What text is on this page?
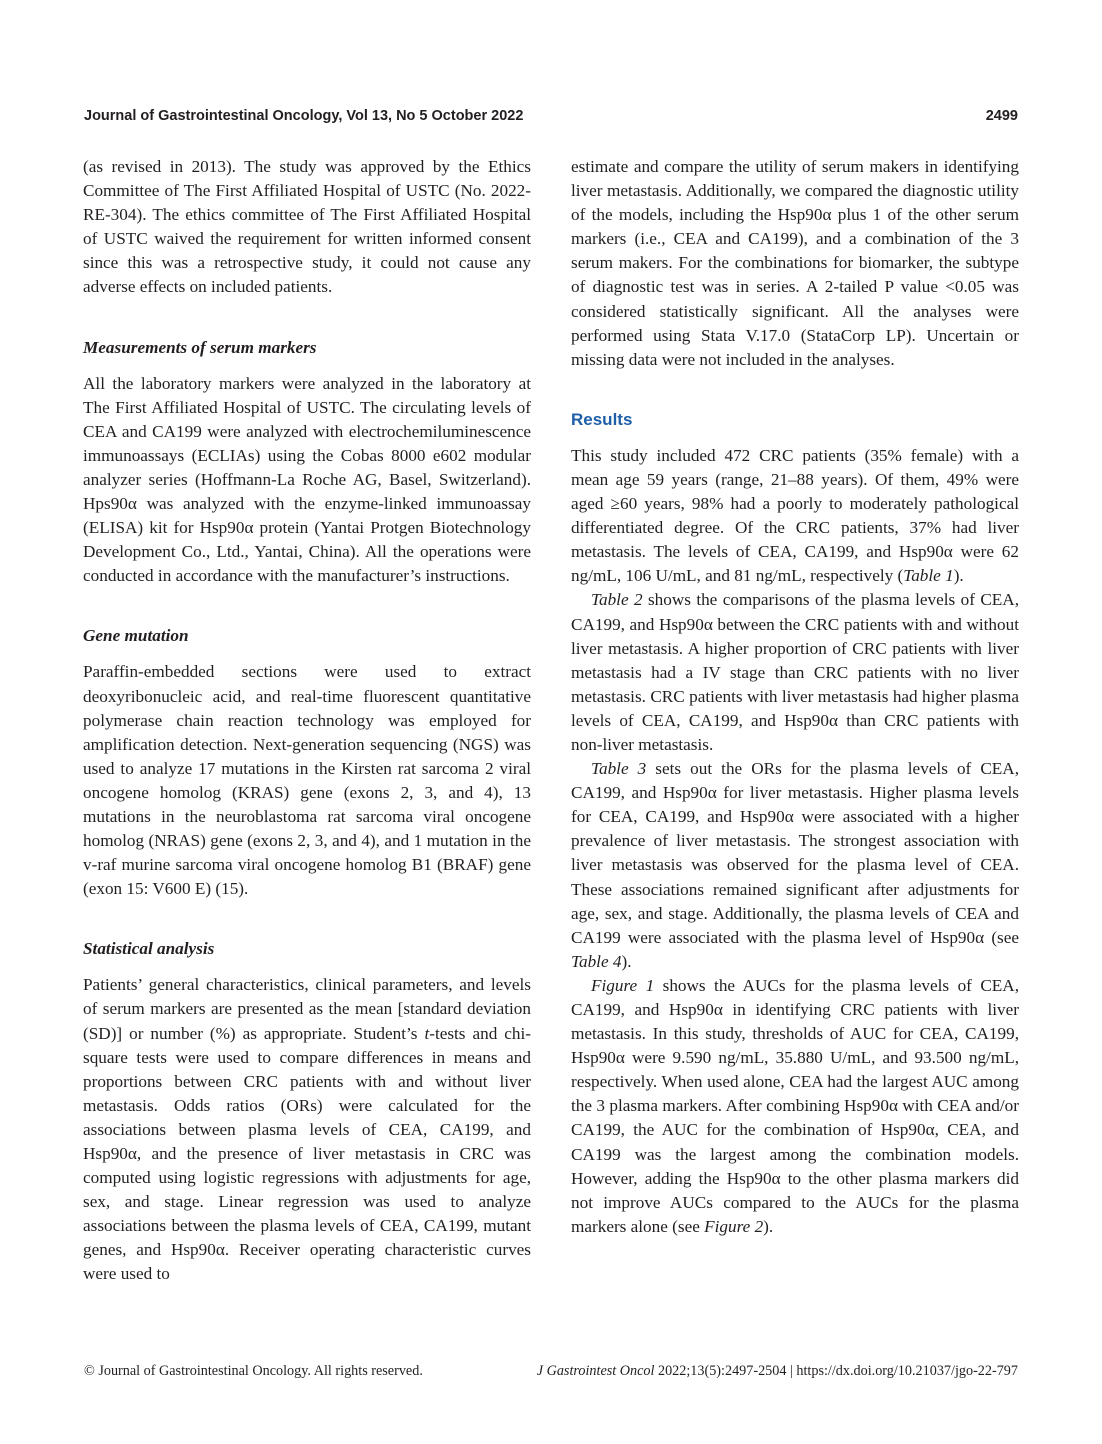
Journal of Gastrointestinal Oncology, Vol 13, No 5 October 2022	2499

(as revised in 2013). The study was approved by the Ethics Committee of The First Affiliated Hospital of USTC (No. 2022-RE-304). The ethics committee of The First Affiliated Hospital of USTC waived the requirement for written informed consent since this was a retrospective study, it could not cause any adverse effects on included patients.

Measurements of serum markers

All the laboratory markers were analyzed in the laboratory at The First Affiliated Hospital of USTC. The circulating levels of CEA and CA199 were analyzed with electrochemiluminescence immunoassays (ECLIAs) using the Cobas 8000 e602 modular analyzer series (Hoffmann-La Roche AG, Basel, Switzerland). Hps90α was analyzed with the enzyme-linked immunoassay (ELISA) kit for Hsp90α protein (Yantai Protgen Biotechnology Development Co., Ltd., Yantai, China). All the operations were conducted in accordance with the manufacturer’s instructions.

Gene mutation

Paraffin-embedded sections were used to extract deoxyribonucleic acid, and real-time fluorescent quantitative polymerase chain reaction technology was employed for amplification detection. Next-generation sequencing (NGS) was used to analyze 17 mutations in the Kirsten rat sarcoma 2 viral oncogene homolog (KRAS) gene (exons 2, 3, and 4), 13 mutations in the neuroblastoma rat sarcoma viral oncogene homolog (NRAS) gene (exons 2, 3, and 4), and 1 mutation in the v-raf murine sarcoma viral oncogene homolog B1 (BRAF) gene (exon 15: V600 E) (15).

Statistical analysis

Patients’ general characteristics, clinical parameters, and levels of serum markers are presented as the mean [standard deviation (SD)] or number (%) as appropriate. Student’s t-tests and chi-square tests were used to compare differences in means and proportions between CRC patients with and without liver metastasis. Odds ratios (ORs) were calculated for the associations between plasma levels of CEA, CA199, and Hsp90α, and the presence of liver metastasis in CRC was computed using logistic regressions with adjustments for age, sex, and stage. Linear regression was used to analyze associations between the plasma levels of CEA, CA199, mutant genes, and Hsp90α. Receiver operating characteristic curves were used to

estimate and compare the utility of serum makers in identifying liver metastasis. Additionally, we compared the diagnostic utility of the models, including the Hsp90α plus 1 of the other serum markers (i.e., CEA and CA199), and a combination of the 3 serum makers. For the combinations for biomarker, the subtype of diagnostic test was in series. A 2-tailed P value <0.05 was considered statistically significant. All the analyses were performed using Stata V.17.0 (StataCorp LP). Uncertain or missing data were not included in the analyses.

Results

This study included 472 CRC patients (35% female) with a mean age 59 years (range, 21–88 years). Of them, 49% were aged ≥60 years, 98% had a poorly to moderately pathological differentiated degree. Of the CRC patients, 37% had liver metastasis. The levels of CEA, CA199, and Hsp90α were 62 ng/mL, 106 U/mL, and 81 ng/mL, respectively (Table 1).

Table 2 shows the comparisons of the plasma levels of CEA, CA199, and Hsp90α between the CRC patients with and without liver metastasis. A higher proportion of CRC patients with liver metastasis had a IV stage than CRC patients with no liver metastasis. CRC patients with liver metastasis had higher plasma levels of CEA, CA199, and Hsp90α than CRC patients with non-liver metastasis.

Table 3 sets out the ORs for the plasma levels of CEA, CA199, and Hsp90α for liver metastasis. Higher plasma levels for CEA, CA199, and Hsp90α were associated with a higher prevalence of liver metastasis. The strongest association with liver metastasis was observed for the plasma level of CEA. These associations remained significant after adjustments for age, sex, and stage. Additionally, the plasma levels of CEA and CA199 were associated with the plasma level of Hsp90α (see Table 4).

Figure 1 shows the AUCs for the plasma levels of CEA, CA199, and Hsp90α in identifying CRC patients with liver metastasis. In this study, thresholds of AUC for CEA, CA199, Hsp90α were 9.590 ng/mL, 35.880 U/mL, and 93.500 ng/mL, respectively. When used alone, CEA had the largest AUC among the 3 plasma markers. After combining Hsp90α with CEA and/or CA199, the AUC for the combination of Hsp90α, CEA, and CA199 was the largest among the combination models. However, adding the Hsp90α to the other plasma markers did not improve AUCs compared to the AUCs for the plasma markers alone (see Figure 2).

© Journal of Gastrointestinal Oncology. All rights reserved.	J Gastrointest Oncol 2022;13(5):2497-2504 | https://dx.doi.org/10.21037/jgo-22-797
